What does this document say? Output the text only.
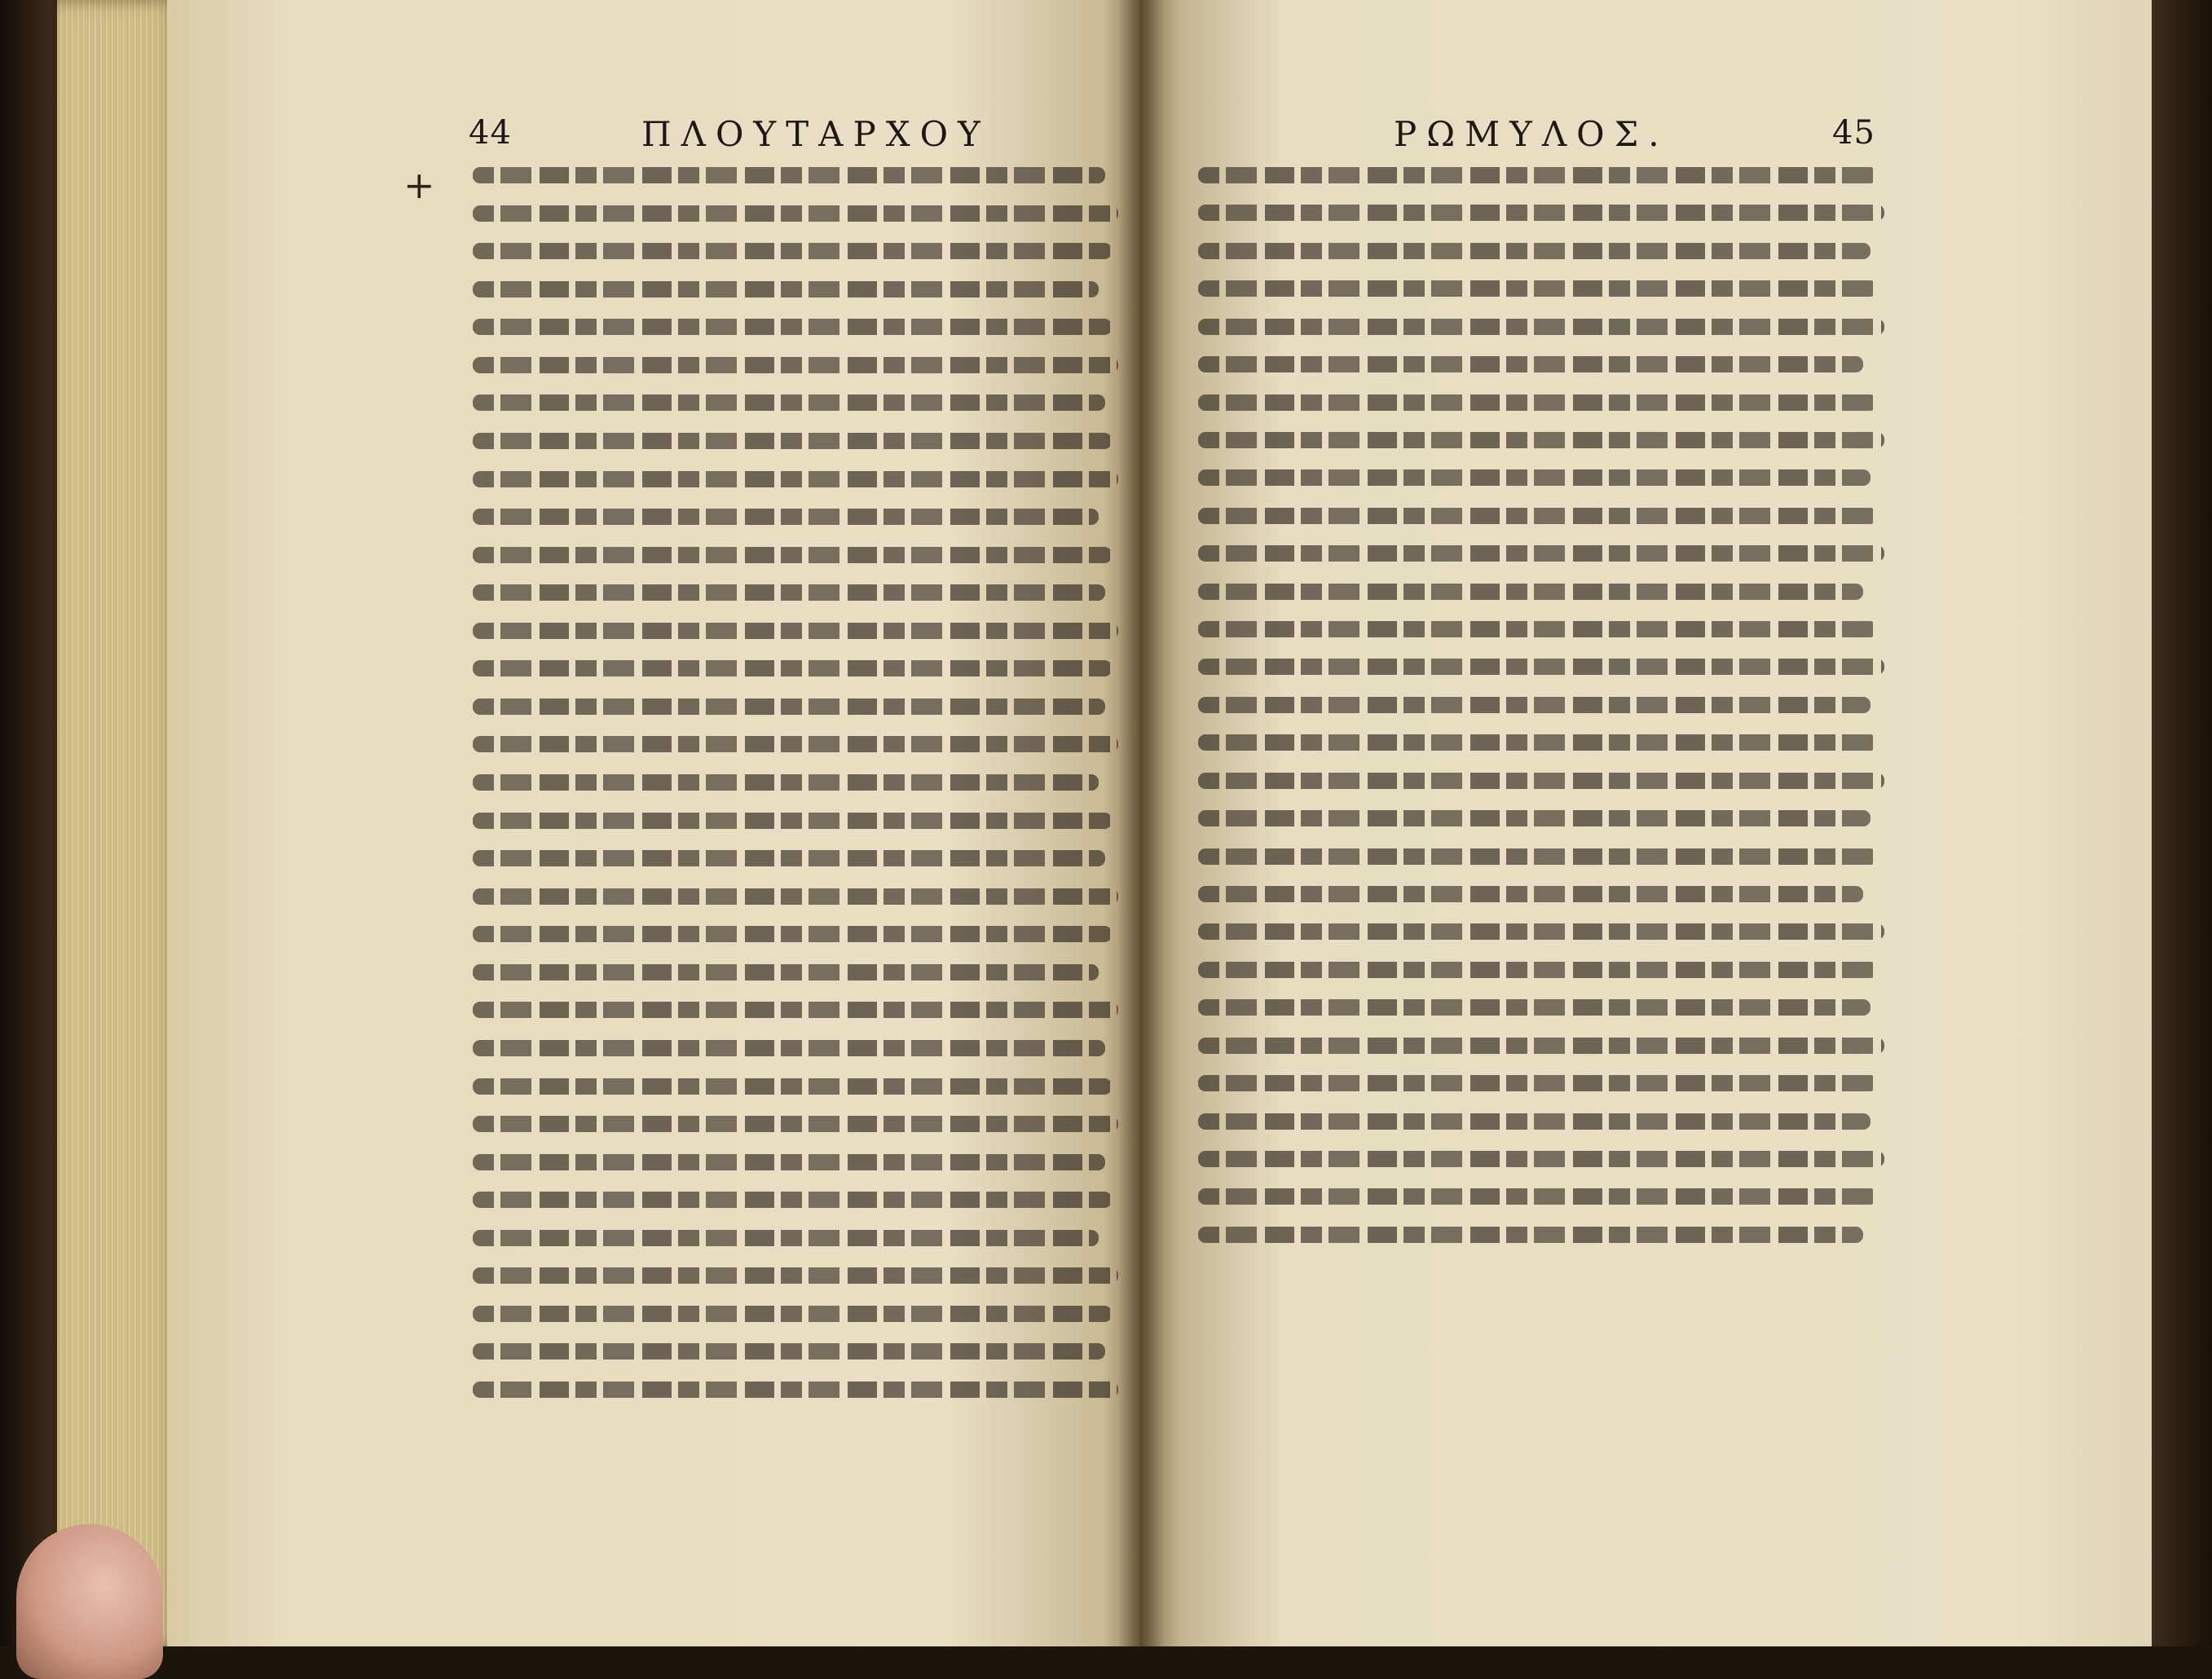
44	ΠΛΟΥΤΑΡΧΟΥ
+
ΡΩΜΥΛΟΣ.	45
